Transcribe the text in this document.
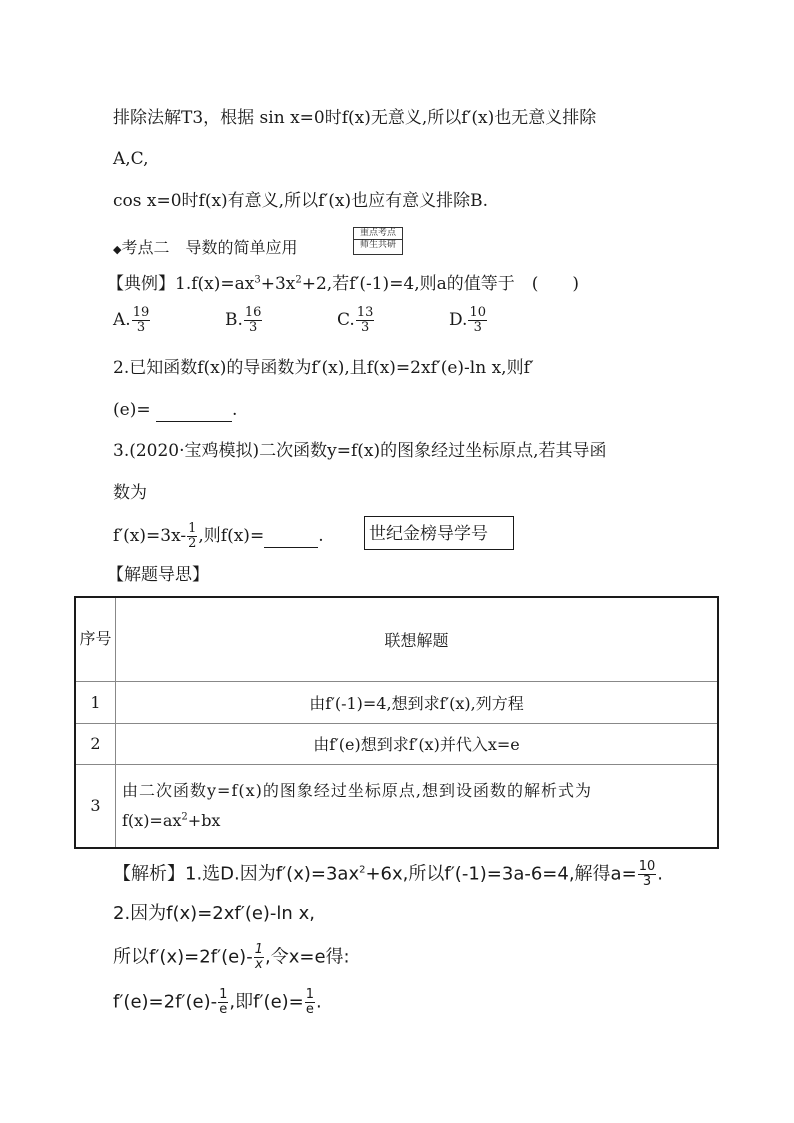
排除法解T3，根据 sin x=0时f(x)无意义,所以f′(x)也无意义排除
A,C,
cos x=0时f(x)有意义,所以f′(x)也应有意义排除B.
◆考点二　导数的简单应用
重点考点
师生共研
【典例】$1.f(x)=ax^3+3x^2+2$,若f′(-1)=4,则a的值等于　(　　)
A. $\frac{19}{3}$	B. $\frac{16}{3}$	C. $\frac{13}{3}$	D. $\frac{10}{3}$
2.已知函数f(x)的导函数为f′(x),且f(x)=2xf′(e)-ln x,则f′
(e)=	.
3.(2020·宝鸡模拟)二次函数y=f(x)的图象经过坐标原点,若其导函
数为
$f'(x)=3x- \frac{1}{2}$ ,则f(x)=	.	世纪金榜导学号
【解题导思】
序号	联想解题
1	由f′(-1)=4,想到求f′(x),列方程
2	由f′(e)想到求f′(x)并代入x=e
3	由二次函数y=f(x)的图象经过坐标原点,想到设函数的解析式为
$f(x)=ax^2+bx$
【解析】1.选D.因为$f'(x)=3ax^2+6x$,所以f′(-1)=3a-6=4,解得$a= \frac{10}{3}$ .
2.因为f(x)=2xf′(e)-ln x,
所以$f'(x)=2f'(e)- \frac{1}{x}$ ,令x=e得:
$f'(e)=2f'(e)- \frac{1}{e}$ ,即$f'(e)= \frac{1}{e}$ .
